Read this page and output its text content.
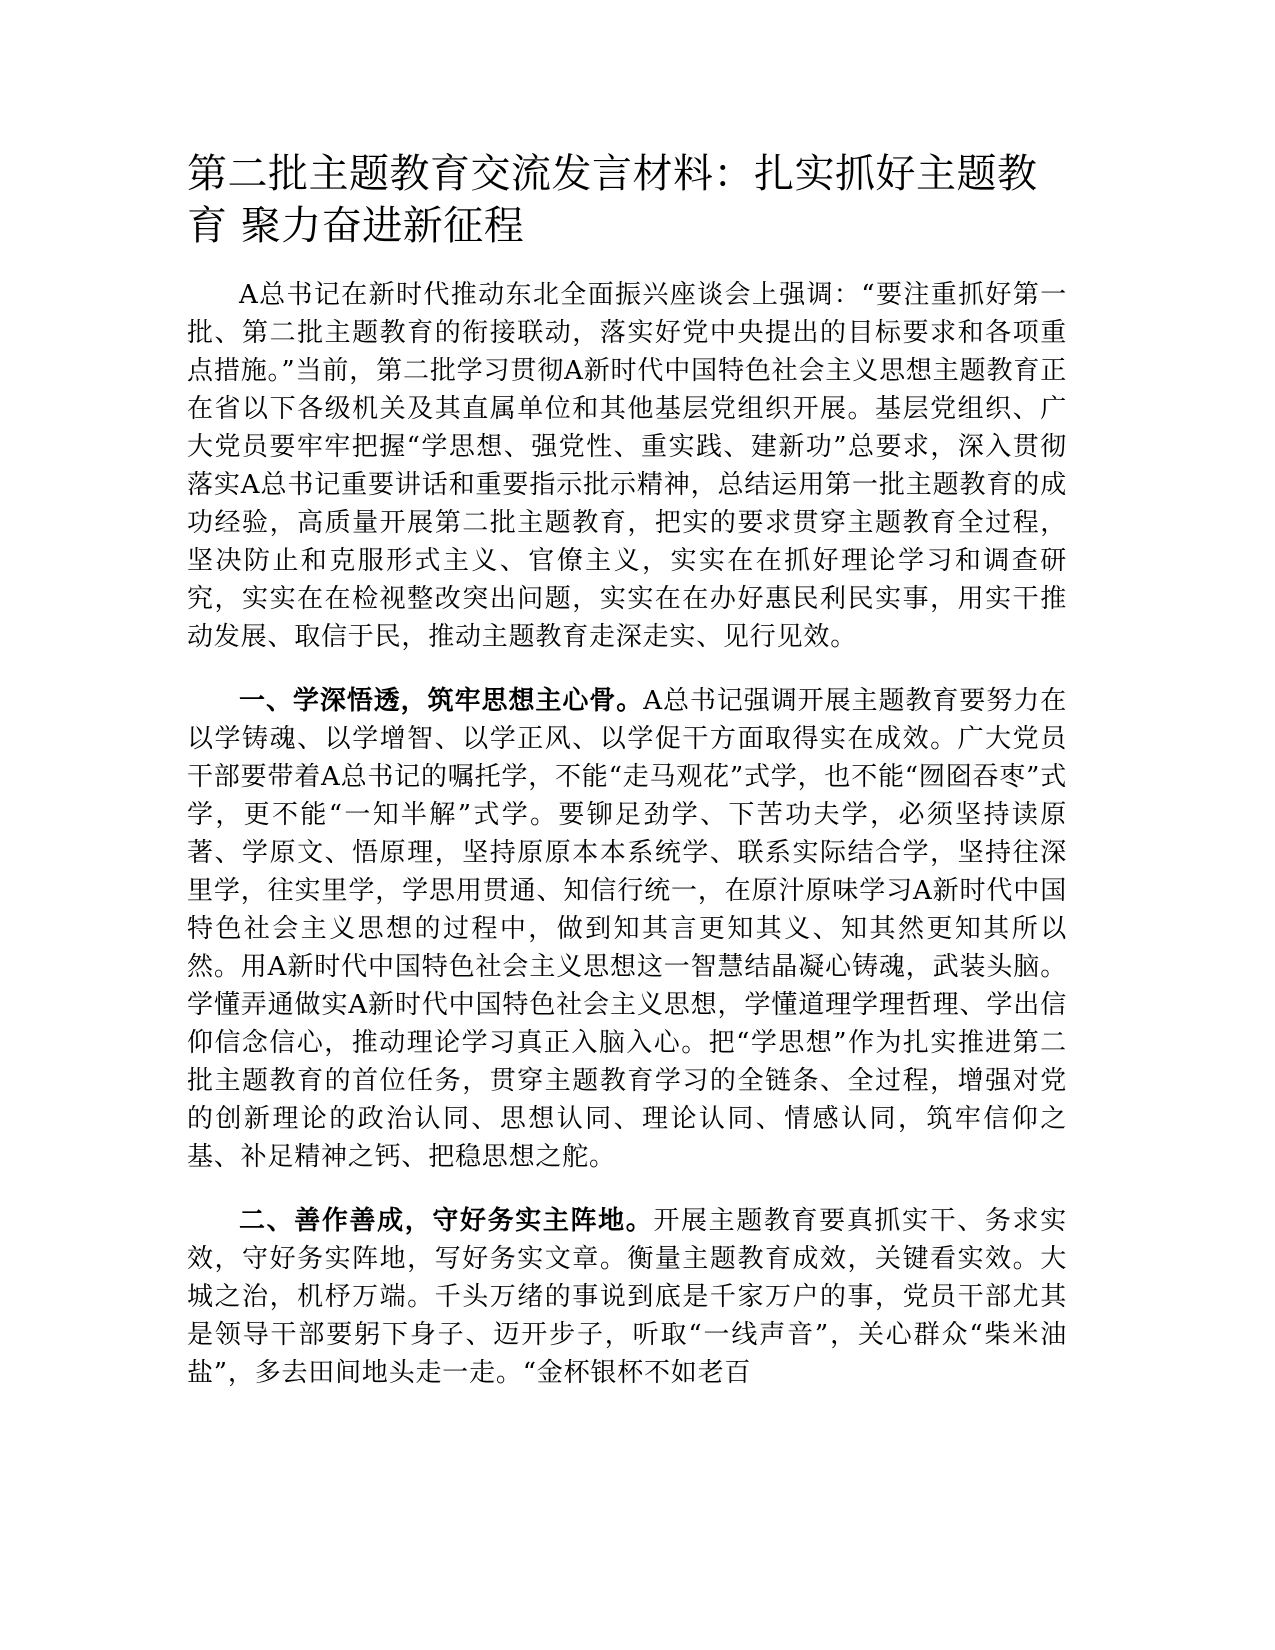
第二批主题教育交流发言材料：扎实抓好主题教育 聚力奋进新征程

A总书记在新时代推动东北全面振兴座谈会上强调：“要注重抓好第一批、第二批主题教育的衔接联动，落实好党中央提出的目标要求和各项重点措施。”当前，第二批学习贯彻A新时代中国特色社会主义思想主题教育正在省以下各级机关及其直属单位和其他基层党组织开展。基层党组织、广大党员要牢牢把握“学思想、强党性、重实践、建新功”总要求，深入贯彻落实A总书记重要讲话和重要指示批示精神，总结运用第一批主题教育的成功经验，高质量开展第二批主题教育，把实的要求贯穿主题教育全过程，坚决防止和克服形式主义、官僚主义，实实在在抓好理论学习和调查研究，实实在在检视整改突出问题，实实在在办好惠民利民实事，用实干推动发展、取信于民，推动主题教育走深走实、见行见效。

一、学深悟透，筑牢思想主心骨。A总书记强调开展主题教育要努力在以学铸魂、以学增智、以学正风、以学促干方面取得实在成效。广大党员干部要带着A总书记的嘱托学，不能“走马观花”式学，也不能“囫囵吞枣”式学，更不能“一知半解”式学。要铆足劲学、下苦功夫学，必须坚持读原著、学原文、悟原理，坚持原原本本系统学、联系实际结合学，坚持往深里学，往实里学，学思用贯通、知信行统一，在原汁原味学习A新时代中国特色社会主义思想的过程中，做到知其言更知其义、知其然更知其所以然。用A新时代中国特色社会主义思想这一智慧结晶凝心铸魂，武装头脑。学懂弄通做实A新时代中国特色社会主义思想，学懂道理学理哲理、学出信仰信念信心，推动理论学习真正入脑入心。把“学思想”作为扎实推进第二批主题教育的首位任务，贯穿主题教育学习的全链条、全过程，增强对党的创新理论的政治认同、思想认同、理论认同、情感认同，筑牢信仰之基、补足精神之钙、把稳思想之舵。

二、善作善成，守好务实主阵地。开展主题教育要真抓实干、务求实效，守好务实阵地，写好务实文章。衡量主题教育成效，关键看实效。大城之治，机杼万端。千头万绪的事说到底是千家万户的事，党员干部尤其是领导干部要躬下身子、迈开步子，听取“一线声音”，关心群众“柴米油盐”，多去田间地头走一走。“金杯银杯不如老百
